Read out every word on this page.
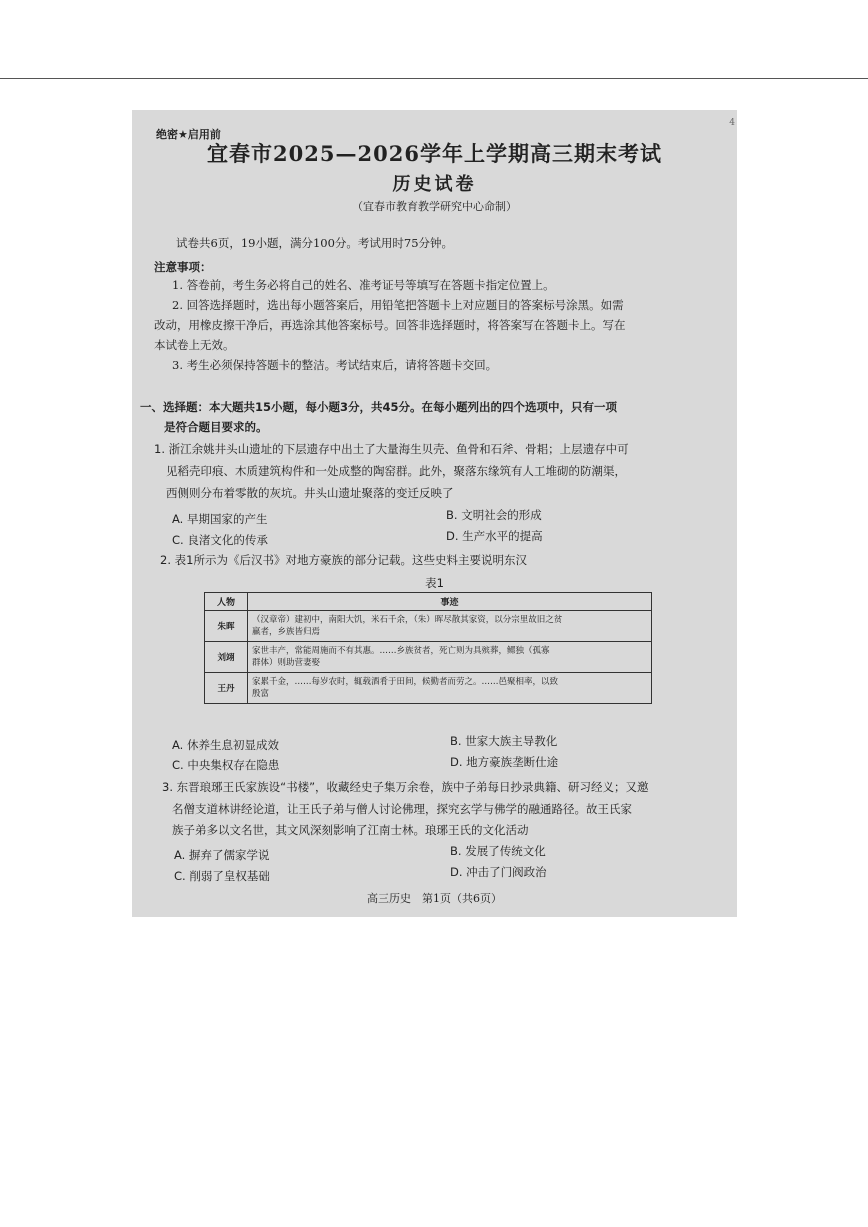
4
绝密★启用前
宜春市2025—2026学年上学期高三期末考试
历史试卷
（宜春市教育教学研究中心命制）
试卷共6页，19小题，满分100分。考试用时75分钟。
注意事项：
1. 答卷前，考生务必将自己的姓名、准考证号等填写在答题卡指定位置上。
2. 回答选择题时，选出每小题答案后，用铅笔把答题卡上对应题目的答案标号涂黑。如需
改动，用橡皮擦干净后，再选涂其他答案标号。回答非选择题时，将答案写在答题卡上。写在
本试卷上无效。
3. 考生必须保持答题卡的整洁。考试结束后，请将答题卡交回。
一、选择题：本大题共15小题，每小题3分，共45分。在每小题列出的四个选项中，只有一项
是符合题目要求的。
1. 浙江余姚井头山遗址的下层遗存中出土了大量海生贝壳、鱼骨和石斧、骨耜；上层遗存中可
见稻壳印痕、木质建筑构件和一处成整的陶窑群。此外，聚落东缘筑有人工堆砌的防潮渠，
西侧则分布着零散的灰坑。井头山遗址聚落的变迁反映了
A. 早期国家的产生	B. 文明社会的形成
C. 良渚文化的传承	D. 生产水平的提高
2. 表1所示为《后汉书》对地方豪族的部分记载。这些史料主要说明东汉
表1
人物	事迹
朱晖	（汉章帝）建初中，南阳大饥，米石千余，（朱）晖尽散其家资，以分宗里故旧之贫
羸者，乡族皆归焉
刘翊	家世丰产，常能周施而不有其惠。……乡族贫者，死亡则为具殡葬，鳏独（孤寡
群体）则助营妻娶
王丹	家累千金，……每岁农时，辄载酒肴于田间，候勤者而劳之。……邑聚相率，以致
殷富
A. 休养生息初显成效	B. 世家大族主导教化
C. 中央集权存在隐患	D. 地方豪族垄断仕途
3. 东晋琅琊王氏家族设“书楼”，收藏经史子集万余卷，族中子弟每日抄录典籍、研习经义；又邀
名僧支道林讲经论道，让王氏子弟与僧人讨论佛理，探究玄学与佛学的融通路径。故王氏家
族子弟多以文名世，其文风深刻影响了江南士林。琅琊王氏的文化活动
A. 摒弃了儒家学说	B. 发展了传统文化
C. 削弱了皇权基础	D. 冲击了门阀政治
高三历史　第1页（共6页）
